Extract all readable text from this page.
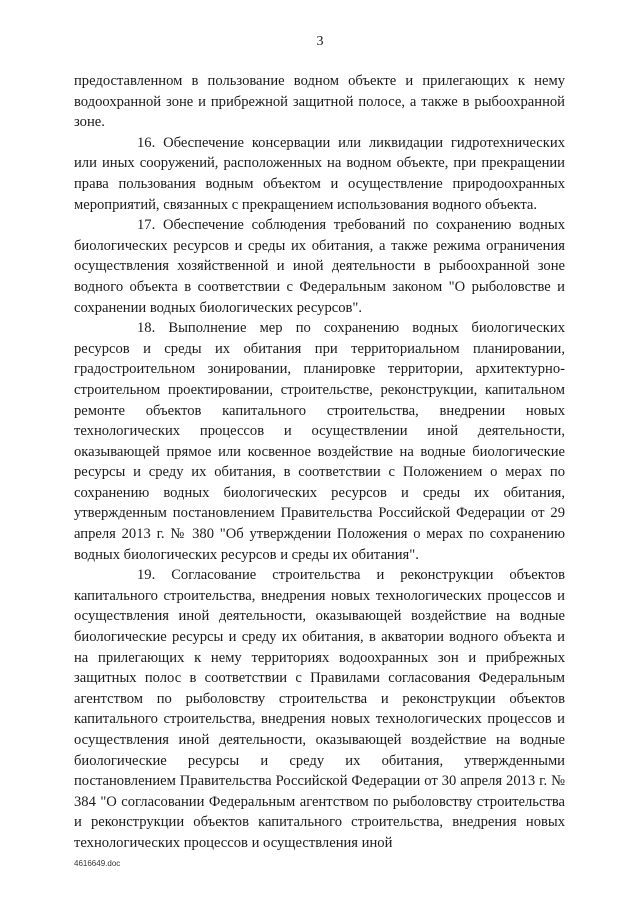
3

предоставленном в пользование водном объекте и прилегающих к нему водоохранной зоне и прибрежной защитной полосе, а также в рыбоохранной зоне.

16. Обеспечение консервации или ликвидации гидротехнических или иных сооружений, расположенных на водном объекте, при прекращении права пользования водным объектом и осуществление природоохранных мероприятий, связанных с прекращением использования водного объекта.

17. Обеспечение соблюдения требований по сохранению водных биологических ресурсов и среды их обитания, а также режима ограничения осуществления хозяйственной и иной деятельности в рыбоохранной зоне водного объекта в соответствии с Федеральным законом "О рыболовстве и сохранении водных биологических ресурсов".

18. Выполнение мер по сохранению водных биологических ресурсов и среды их обитания при территориальном планировании, градостроительном зонировании, планировке территории, архитектурно-строительном проектировании, строительстве, реконструкции, капитальном ремонте объектов капитального строительства, внедрении новых технологических процессов и осуществлении иной деятельности, оказывающей прямое или косвенное воздействие на водные биологические ресурсы и среду их обитания, в соответствии с Положением о мерах по сохранению водных биологических ресурсов и среды их обитания, утвержденным постановлением Правительства Российской Федерации от 29 апреля 2013 г. № 380 "Об утверждении Положения о мерах по сохранению водных биологических ресурсов и среды их обитания".

19. Согласование строительства и реконструкции объектов капитального строительства, внедрения новых технологических процессов и осуществления иной деятельности, оказывающей воздействие на водные биологические ресурсы и среду их обитания, в акватории водного объекта и на прилегающих к нему территориях водоохранных зон и прибрежных защитных полос в соответствии с Правилами согласования Федеральным агентством по рыболовству строительства и реконструкции объектов капитального строительства, внедрения новых технологических процессов и осуществления иной деятельности, оказывающей воздействие на водные биологические ресурсы и среду их обитания, утвержденными постановлением Правительства Российской Федерации от 30 апреля 2013 г. № 384 "О согласовании Федеральным агентством по рыболовству строительства и реконструкции объектов капитального строительства, внедрения новых технологических процессов и осуществления иной

4616649.doc
